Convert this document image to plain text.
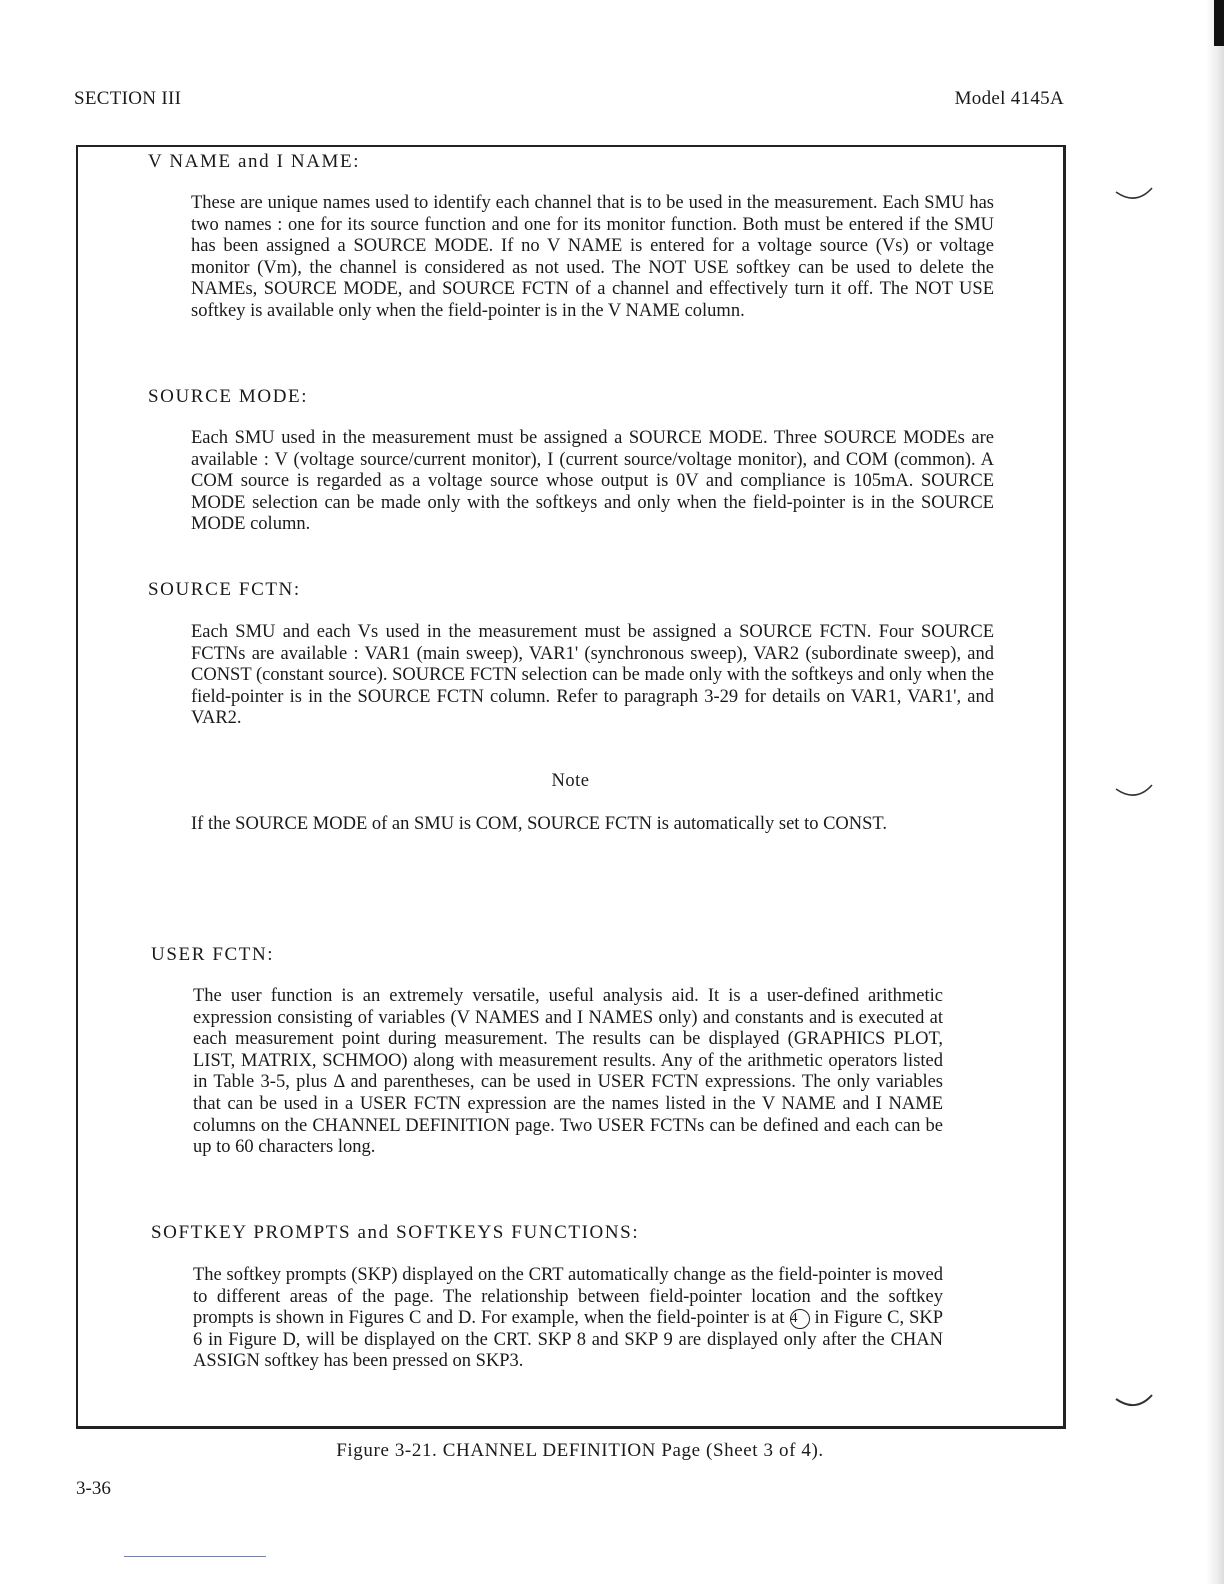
SECTION III	Model 4145A
V NAME and I NAME:
These are unique names used to identify each channel that is to be used in the measurement. Each SMU has two names : one for its source function and one for its monitor function. Both must be entered if the SMU has been assigned a SOURCE MODE. If no V NAME is entered for a voltage source (Vs) or voltage monitor (Vm), the channel is considered as not used. The NOT USE softkey can be used to delete the NAMEs, SOURCE MODE, and SOURCE FCTN of a channel and effectively turn it off. The NOT USE softkey is available only when the field-pointer is in the V NAME column.
SOURCE MODE:
Each SMU used in the measurement must be assigned a SOURCE MODE. Three SOURCE MODEs are available : V (voltage source/current monitor), I (current source/voltage monitor), and COM (common). A COM source is regarded as a voltage source whose output is 0V and compliance is 105mA. SOURCE MODE selection can be made only with the softkeys and only when the field-pointer is in the SOURCE MODE column.
SOURCE FCTN:
Each SMU and each Vs used in the measurement must be assigned a SOURCE FCTN. Four SOURCE FCTNs are available : VAR1 (main sweep), VAR1' (synchronous sweep), VAR2 (subordinate sweep), and CONST (constant source). SOURCE FCTN selection can be made only with the softkeys and only when the field-pointer is in the SOURCE FCTN column. Refer to paragraph 3-29 for details on VAR1, VAR1', and VAR2.
Note
If the SOURCE MODE of an SMU is COM, SOURCE FCTN is automatically set to CONST.
USER FCTN:
The user function is an extremely versatile, useful analysis aid. It is a user-defined arithmetic expression consisting of variables (V NAMES and I NAMES only) and constants and is executed at each measurement point during measurement. The results can be displayed (GRAPHICS PLOT, LIST, MATRIX, SCHMOO) along with measurement results. Any of the arithmetic operators listed in Table 3-5, plus Δ and parentheses, can be used in USER FCTN expressions. The only variables that can be used in a USER FCTN expression are the names listed in the V NAME and I NAME columns on the CHANNEL DEFINITION page. Two USER FCTNs can be defined and each can be up to 60 characters long.
SOFTKEY PROMPTS and SOFTKEYS FUNCTIONS:
The softkey prompts (SKP) displayed on the CRT automatically change as the field-pointer is moved to different areas of the page. The relationship between field-pointer location and the softkey prompts is shown in Figures C and D. For example, when the field-pointer is at 4 in Figure C, SKP 6 in Figure D, will be displayed on the CRT. SKP 8 and SKP 9 are displayed only after the CHAN ASSIGN softkey has been pressed on SKP3.
Figure 3-21. CHANNEL DEFINITION Page (Sheet 3 of 4).
3-36
